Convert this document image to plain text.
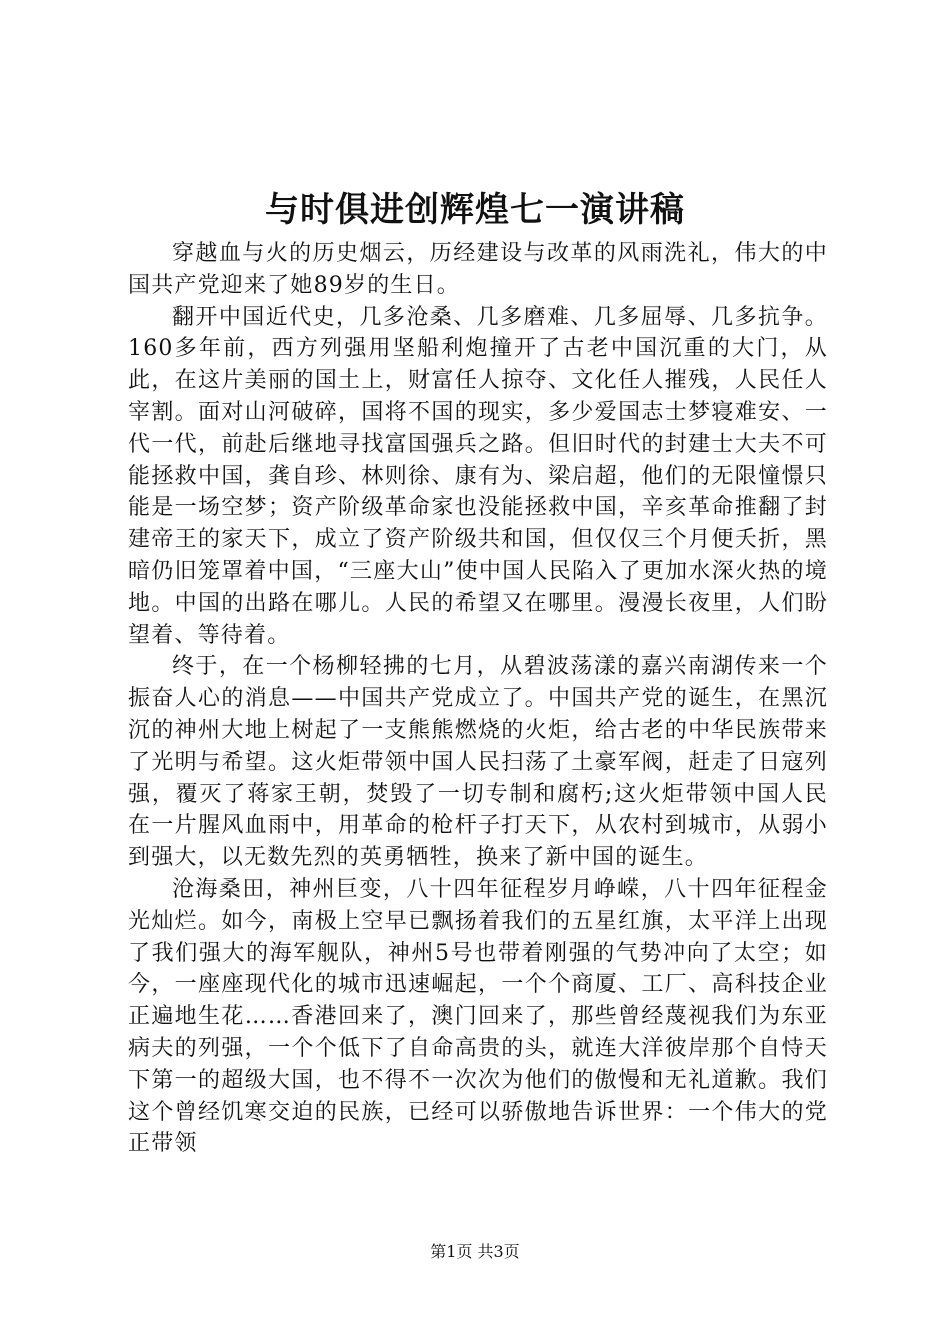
与时俱进创辉煌七一演讲稿

穿越血与火的历史烟云，历经建设与改革的风雨洗礼，伟大的中国共产党迎来了她89岁的生日。

翻开中国近代史，几多沧桑、几多磨难、几多屈辱、几多抗争。160多年前，西方列强用坚船利炮撞开了古老中国沉重的大门，从此，在这片美丽的国土上，财富任人掠夺、文化任人摧残，人民任人宰割。面对山河破碎，国将不国的现实，多少爱国志士梦寝难安、一代一代，前赴后继地寻找富国强兵之路。但旧时代的封建士大夫不可能拯救中国，龚自珍、林则徐、康有为、梁启超，他们的无限憧憬只能是一场空梦；资产阶级革命家也没能拯救中国，辛亥革命推翻了封建帝王的家天下，成立了资产阶级共和国，但仅仅三个月便夭折，黑暗仍旧笼罩着中国，“三座大山”使中国人民陷入了更加水深火热的境地。中国的出路在哪儿。人民的希望又在哪里。漫漫长夜里，人们盼望着、等待着。

终于，在一个杨柳轻拂的七月，从碧波荡漾的嘉兴南湖传来一个振奋人心的消息——中国共产党成立了。中国共产党的诞生，在黑沉沉的神州大地上树起了一支熊熊燃烧的火炬，给古老的中华民族带来了光明与希望。这火炬带领中国人民扫荡了土豪军阀，赶走了日寇列强，覆灭了蒋家王朝，焚毁了一切专制和腐朽;这火炬带领中国人民在一片腥风血雨中，用革命的枪杆子打天下，从农村到城市，从弱小到强大，以无数先烈的英勇牺牲，换来了新中国的诞生。

沧海桑田，神州巨变，八十四年征程岁月峥嵘，八十四年征程金光灿烂。如今，南极上空早已飘扬着我们的五星红旗，太平洋上出现了我们强大的海军舰队，神州5号也带着刚强的气势冲向了太空；如今，一座座现代化的城市迅速崛起，一个个商厦、工厂、高科技企业正遍地生花……香港回来了，澳门回来了，那些曾经蔑视我们为东亚病夫的列强，一个个低下了自命高贵的头，就连大洋彼岸那个自恃天下第一的超级大国，也不得不一次次为他们的傲慢和无礼道歉。我们这个曾经饥寒交迫的民族，已经可以骄傲地告诉世界：一个伟大的党正带领

第1页 共3页
